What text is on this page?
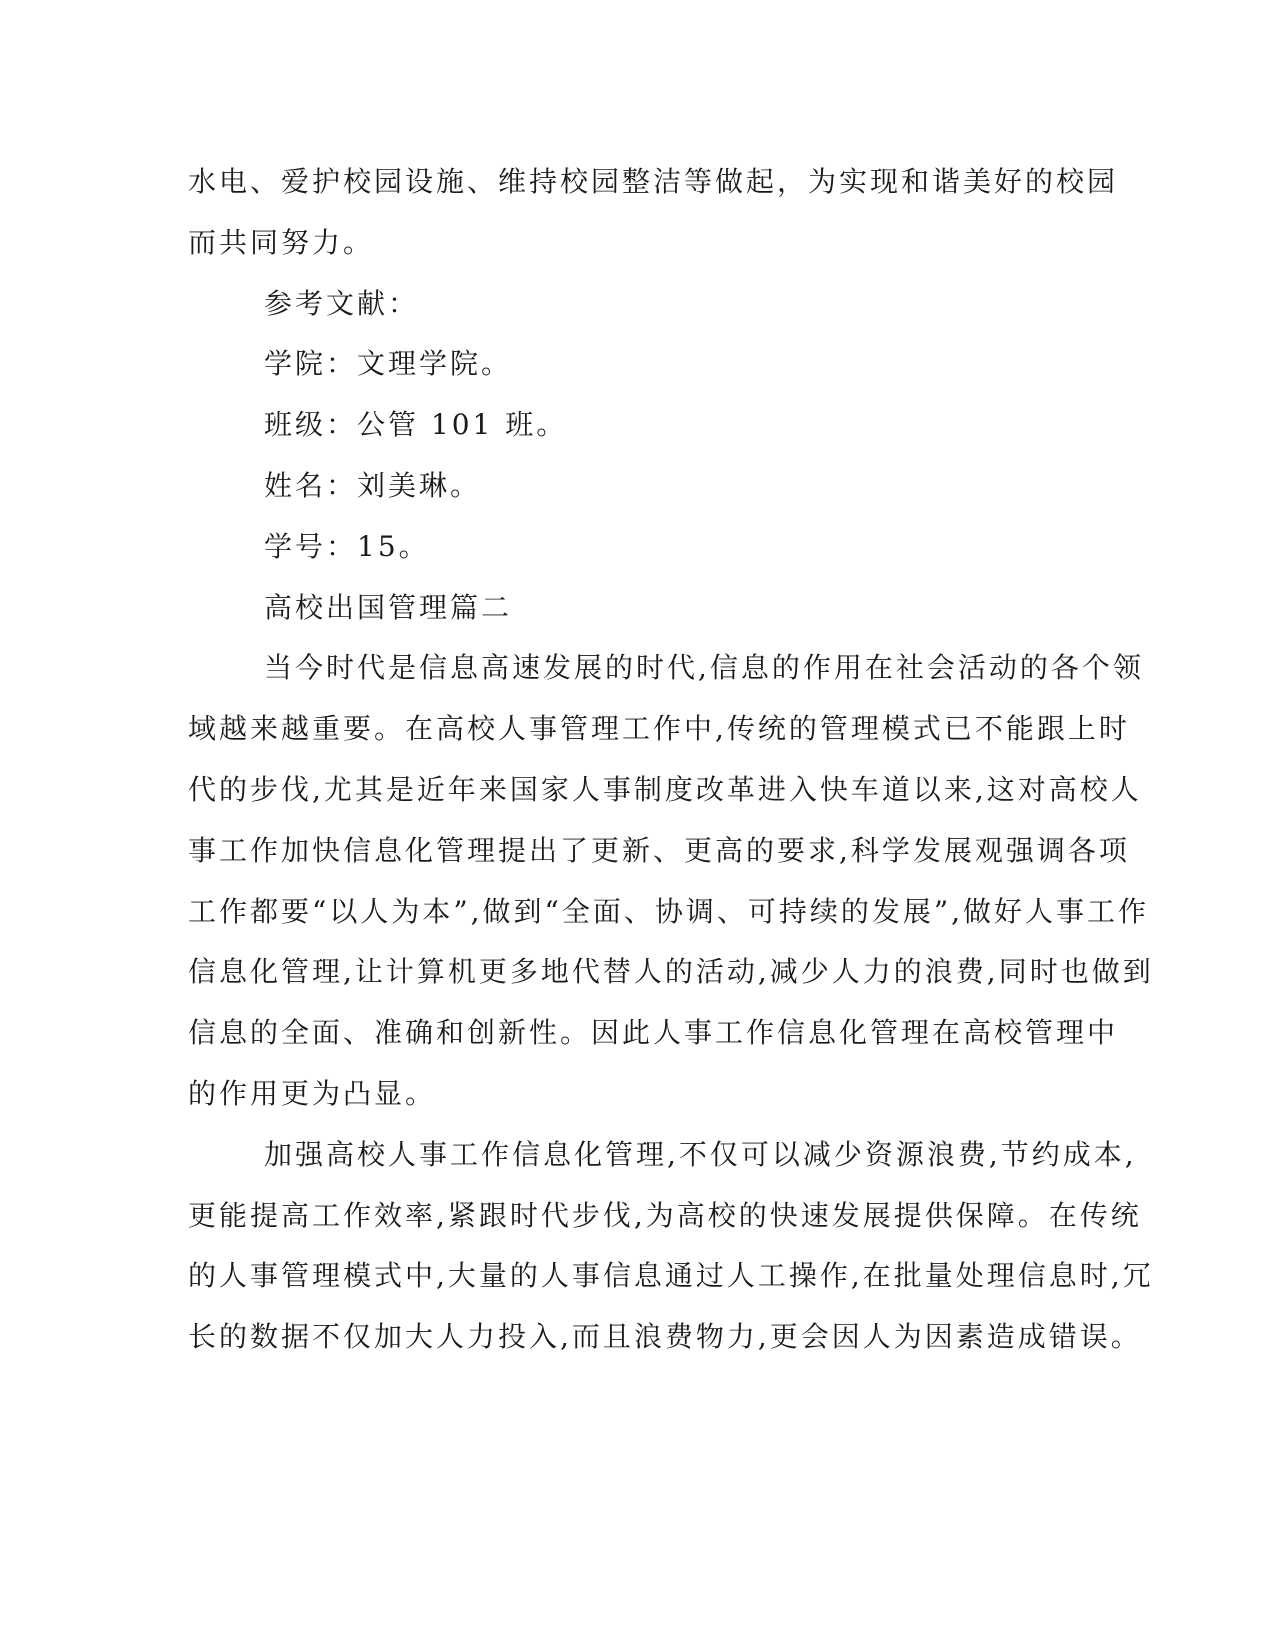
水电、爱护校园设施、维持校园整洁等做起，为实现和谐美好的校园
而共同努力。
参考文献：
学院：文理学院。
班级：公管 101 班。
姓名：刘美琳。
学号：15。
高校出国管理篇二
当今时代是信息高速发展的时代,信息的作用在社会活动的各个领
域越来越重要。在高校人事管理工作中,传统的管理模式已不能跟上时
代的步伐,尤其是近年来国家人事制度改革进入快车道以来,这对高校人
事工作加快信息化管理提出了更新、更高的要求,科学发展观强调各项
工作都要“以人为本”,做到“全面、协调、可持续的发展”,做好人事工作
信息化管理,让计算机更多地代替人的活动,减少人力的浪费,同时也做到
信息的全面、准确和创新性。因此人事工作信息化管理在高校管理中
的作用更为凸显。
加强高校人事工作信息化管理,不仅可以减少资源浪费,节约成本,
更能提高工作效率,紧跟时代步伐,为高校的快速发展提供保障。在传统
的人事管理模式中,大量的人事信息通过人工操作,在批量处理信息时,冗
长的数据不仅加大人力投入,而且浪费物力,更会因人为因素造成错误。
